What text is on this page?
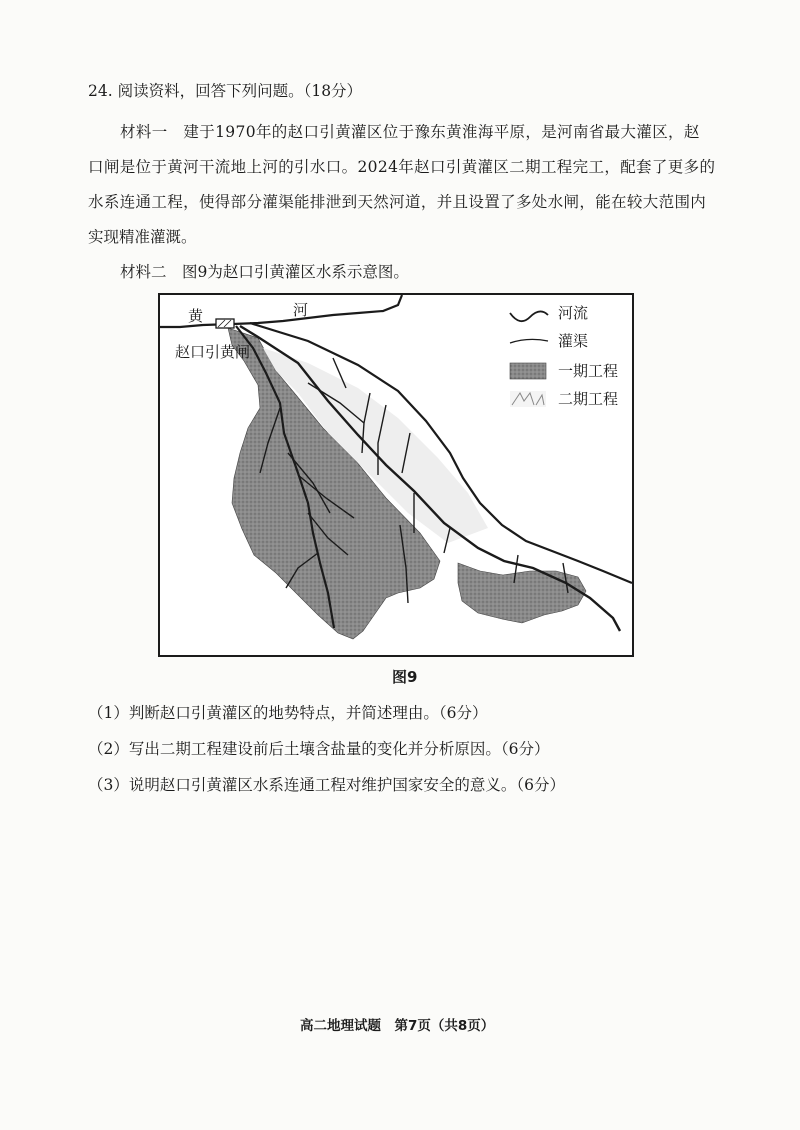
24. 阅读资料，回答下列问题。（18分）
材料一　建于1970年的赵口引黄灌区位于豫东黄淮海平原，是河南省最大灌区，赵
口闸是位于黄河干流地上河的引水口。2024年赵口引黄灌区二期工程完工，配套了更多的
水系连通工程，使得部分灌渠能排泄到天然河道，并且设置了多处水闸，能在较大范围内
实现精准灌溉。
材料二　图9为赵口引黄灌区水系示意图。
黄	河
赵口引黄闸
河流
灌渠
一期工程
二期工程
图9
（1）判断赵口引黄灌区的地势特点，并简述理由。（6分）
（2）写出二期工程建设前后土壤含盐量的变化并分析原因。（6分）
（3）说明赵口引黄灌区水系连通工程对维护国家安全的意义。（6分）
高二地理试题　第7页（共8页）
